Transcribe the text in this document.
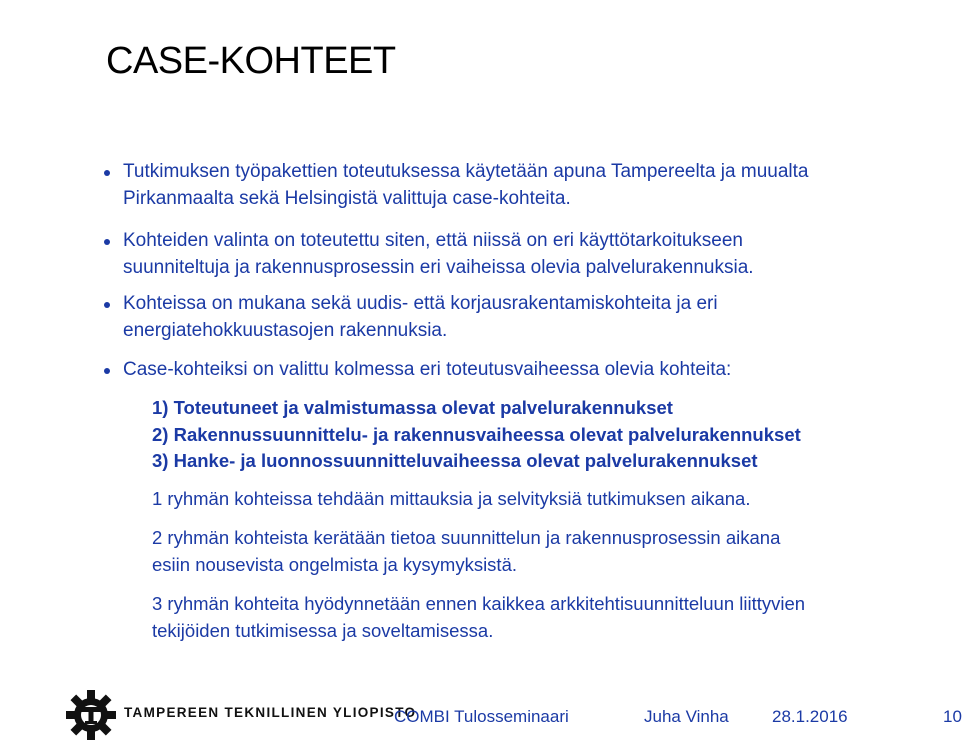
CASE-KOHTEET
Tutkimuksen työpakettien toteutuksessa käytetään apuna Tampereelta ja muualta
Pirkanmaalta sekä Helsingistä valittuja case-kohteita.
Kohteiden valinta on toteutettu siten, että niissä on eri käyttötarkoitukseen
suunniteltuja ja rakennusprosessin eri vaiheissa olevia palvelurakennuksia.
Kohteissa on mukana sekä uudis- että korjausrakentamiskohteita ja eri
energiatehokkuustasojen rakennuksia.
Case-kohteiksi on valittu kolmessa eri toteutusvaiheessa olevia kohteita:
1) Toteutuneet ja valmistumassa olevat palvelurakennukset
2) Rakennussuunnittelu- ja rakennusvaiheessa olevat palvelurakennukset
3) Hanke- ja luonnossuunnitteluvaiheessa olevat palvelurakennukset
1 ryhmän kohteissa tehdään mittauksia ja selvityksiä tutkimuksen aikana.
2 ryhmän kohteista kerätään tietoa suunnittelun ja rakennusprosessin aikana
esiin nousevista ongelmista ja kysymyksistä.
3 ryhmän kohteita hyödynnetään ennen kaikkea arkkitehtisuunnitteluun liittyvien
tekijöiden tutkimisessa ja soveltamisessa.
TAMPEREEN TEKNILLINEN YLIOPISTO
COMBI Tulosseminaari	Juha Vinha	28.1.2016	10
